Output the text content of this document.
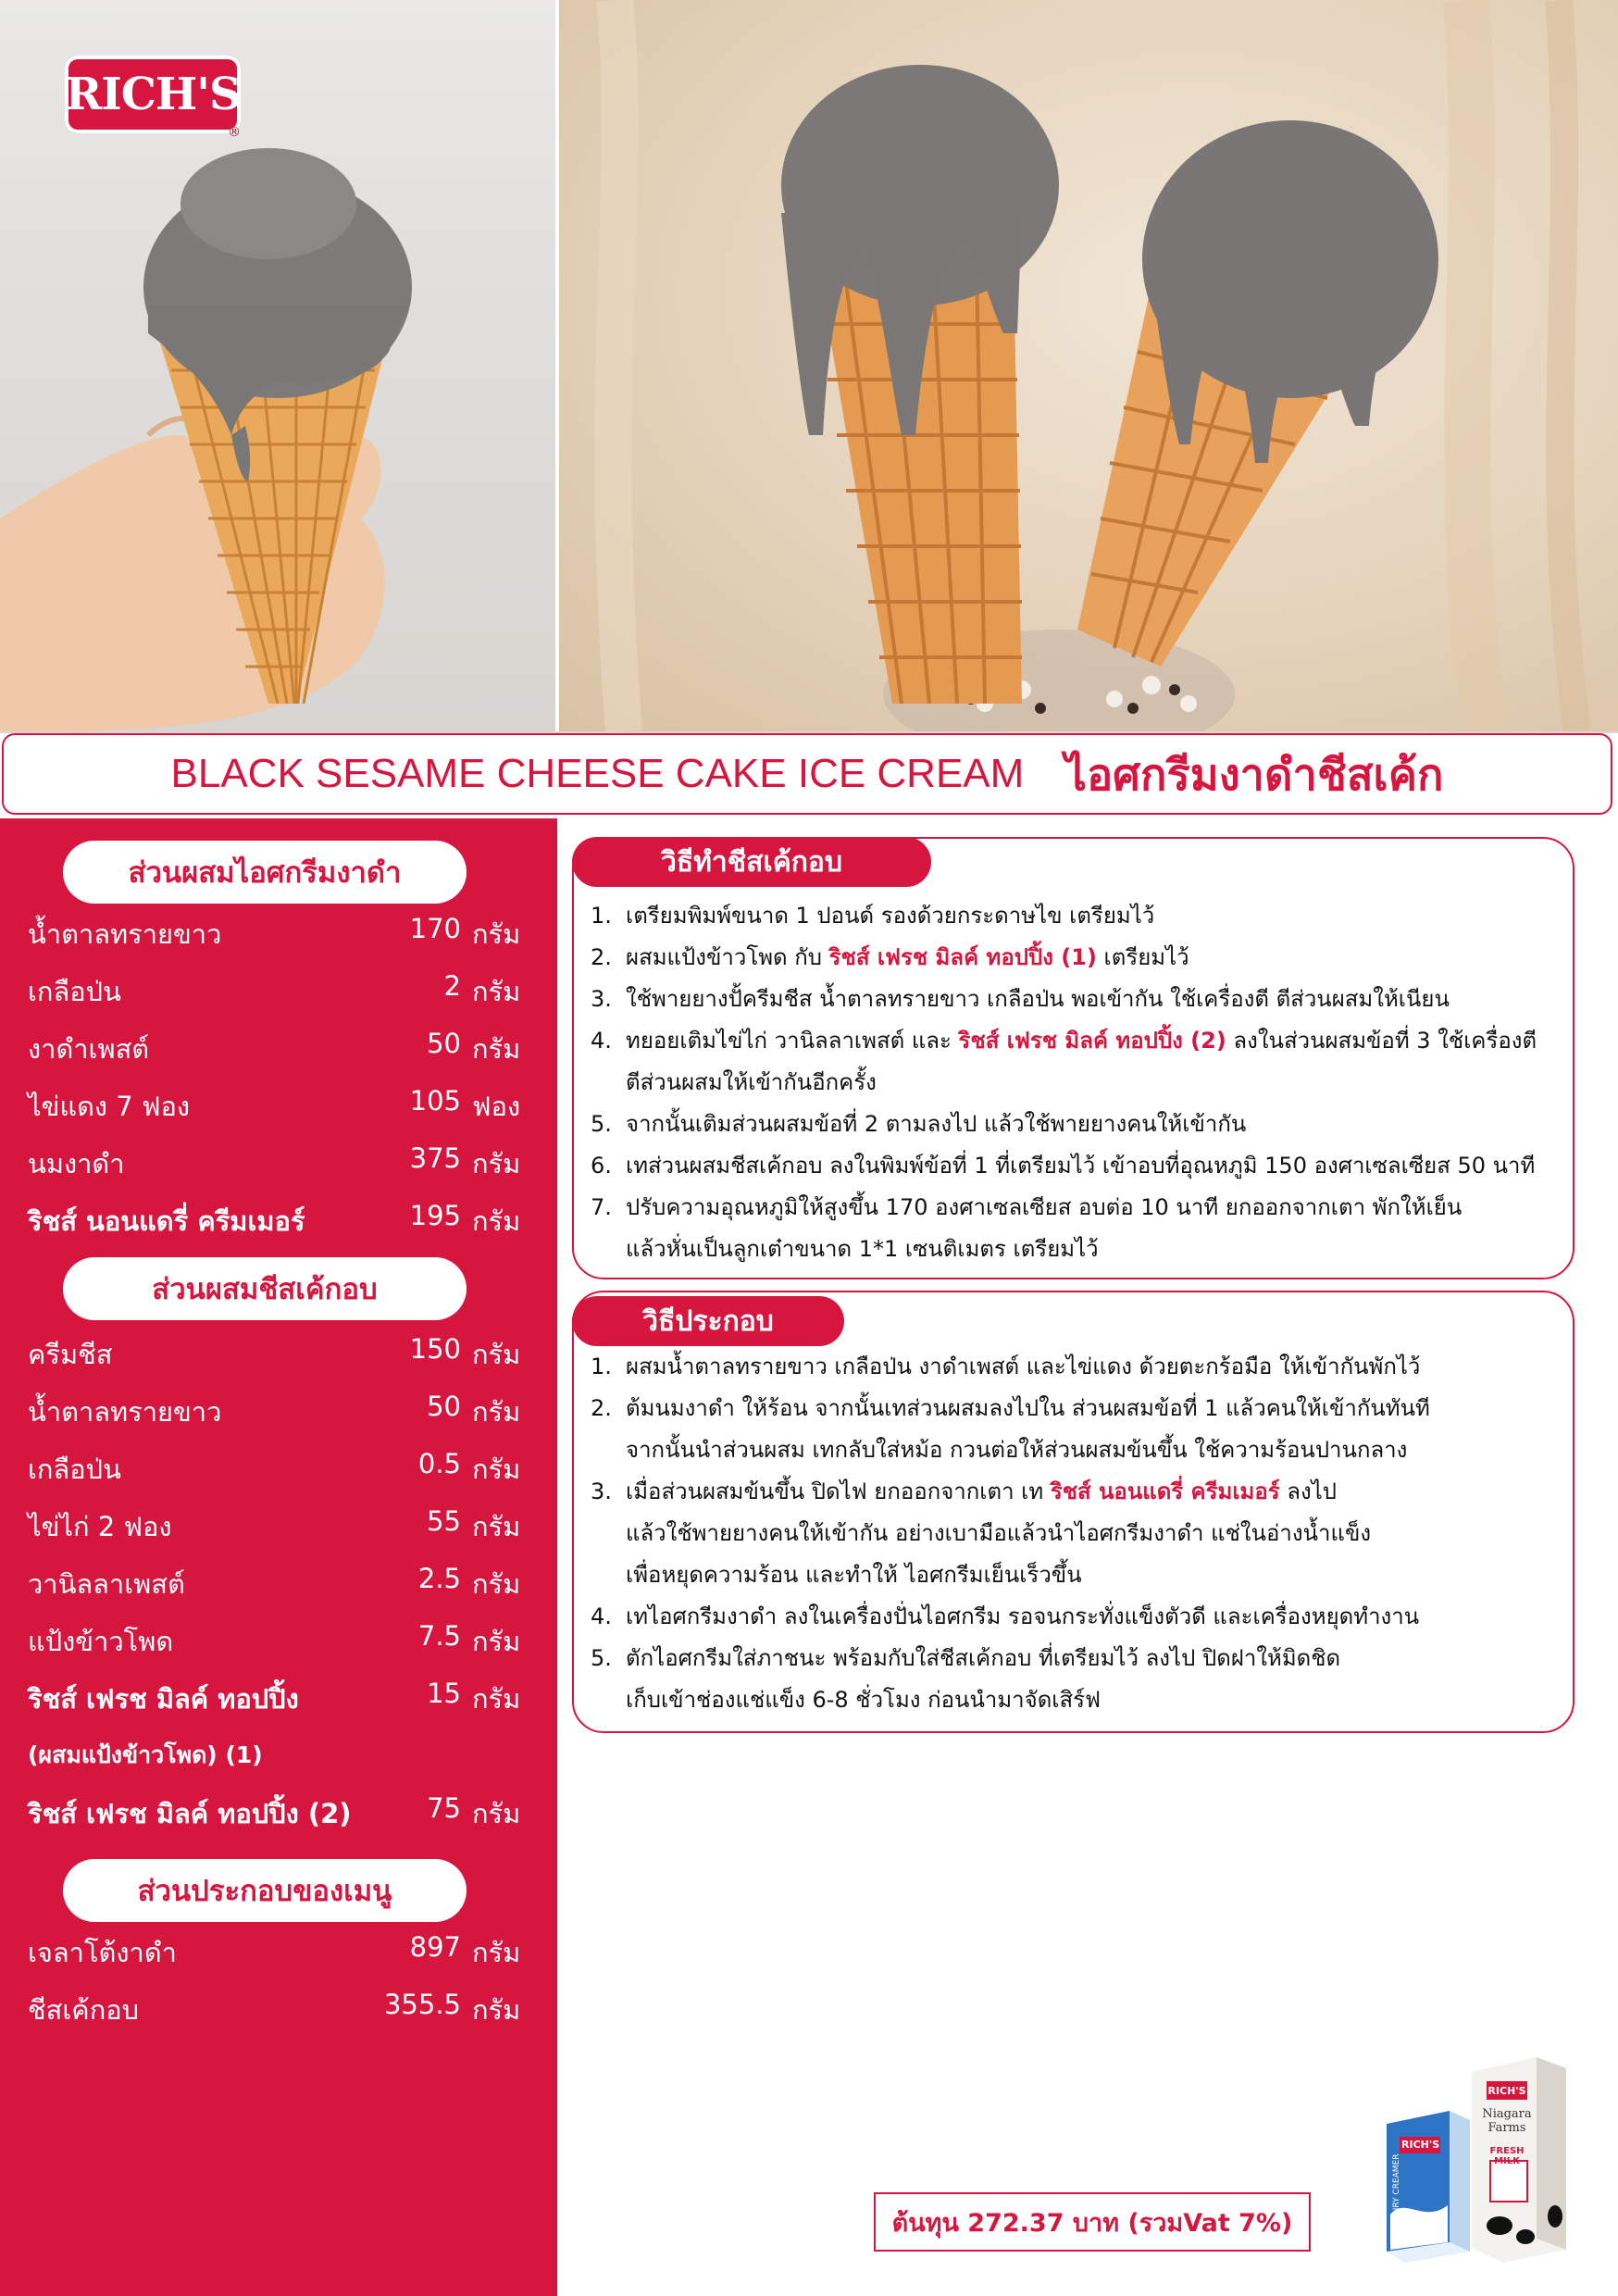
RICH'S
®
BLACK SESAME CHEESE CAKE ICE CREAM ไอศกรีมงาดำชีสเค้ก
ส่วนผสมไอศกรีมงาดำ
น้ำตาลทรายขาว	170 กรัม
เกลือป่น	2 กรัม
งาดำเพสต์	50 กรัม
ไข่แดง 7 ฟอง	105 ฟอง
นมงาดำ	375 กรัม
ริชส์ นอนแดรี่ ครีมเมอร์	195 กรัม
ส่วนผสมชีสเค้กอบ
ครีมชีส	150 กรัม
น้ำตาลทรายขาว	50 กรัม
เกลือป่น	0.5 กรัม
ไข่ไก่ 2 ฟอง	55 กรัม
วานิลลาเพสต์	2.5 กรัม
แป้งข้าวโพด	7.5 กรัม
ริชส์ เฟรช มิลค์ ทอปปิ้ง	15 กรัม
(ผสมแป้งข้าวโพด) (1)
ริชส์ เฟรช มิลค์ ทอปปิ้ง (2)	75 กรัม
ส่วนประกอบของเมนู
เจลาโต้งาดำ	897 กรัม
ชีสเค้กอบ	355.5 กรัม
วิธีทำชีสเค้กอบ
1. เตรียมพิมพ์ขนาด 1 ปอนด์ รองด้วยกระดาษไข เตรียมไว้
2. ผสมแป้งข้าวโพด กับ ริชส์ เฟรช มิลค์ ทอปปิ้ง (1) เตรียมไว้
3. ใช้พายยางปั้ครีมชีส น้ำตาลทรายขาว เกลือป่น พอเข้ากัน ใช้เครื่องตี ตีส่วนผสมให้เนียน
4. ทยอยเติมไข่ไก่ วานิลลาเพสต์ และ ริชส์ เฟรช มิลค์ ทอปปิ้ง (2) ลงในส่วนผสมข้อที่ 3 ใช้เครื่องตี
ตีส่วนผสมให้เข้ากันอีกครั้ง
5. จากนั้นเติมส่วนผสมข้อที่ 2 ตามลงไป แล้วใช้พายยางคนให้เข้ากัน
6. เทส่วนผสมชีสเค้กอบ ลงในพิมพ์ข้อที่ 1 ที่เตรียมไว้ เข้าอบที่อุณหภูมิ 150 องศาเซลเซียส 50 นาที
7. ปรับความอุณหภูมิให้สูงขึ้น 170 องศาเซลเซียส อบต่อ 10 นาที ยกออกจากเตา พักให้เย็น
แล้วหั่นเป็นลูกเต๋าขนาด 1*1 เซนติเมตร เตรียมไว้
วิธีประกอบ
1. ผสมน้ำตาลทรายขาว เกลือป่น งาดำเพสต์ และไข่แดง ด้วยตะกร้อมือ ให้เข้ากันพักไว้
2. ต้มนมงาดำ ให้ร้อน จากนั้นเทส่วนผสมลงไปใน ส่วนผสมข้อที่ 1 แล้วคนให้เข้ากันทันที
จากนั้นนำส่วนผสม เทกลับใส่หม้อ กวนต่อให้ส่วนผสมข้นขึ้น ใช้ความร้อนปานกลาง
3. เมื่อส่วนผสมข้นขึ้น ปิดไฟ ยกออกจากเตา เท ริชส์ นอนแดรี่ ครีมเมอร์ ลงไป
แล้วใช้พายยางคนให้เข้ากัน อย่างเบามือแล้วนำไอศกรีมงาดำ แช่ในอ่างน้ำแข็ง
เพื่อหยุดความร้อน และทำให้ ไอศกรีมเย็นเร็วขึ้น
4. เทไอศกรีมงาดำ ลงในเครื่องปั่นไอศกรีม รอจนกระทั่งแข็งตัวดี และเครื่องหยุดทำงาน
5. ตักไอศกรีมใส่ภาชนะ พร้อมกับใส่ชีสเค้กอบ ที่เตรียมไว้ ลงไป ปิดฝาให้มิดชิด
เก็บเข้าช่องแช่แข็ง 6-8 ชั่วโมง ก่อนนำมาจัดเสิร์ฟ
ต้นทุน 272.37 บาท (รวมVat 7%)
RICH'S
NON-DAIRY CREAMER
RICH'S
Niagara Farms
FRESH MILK
